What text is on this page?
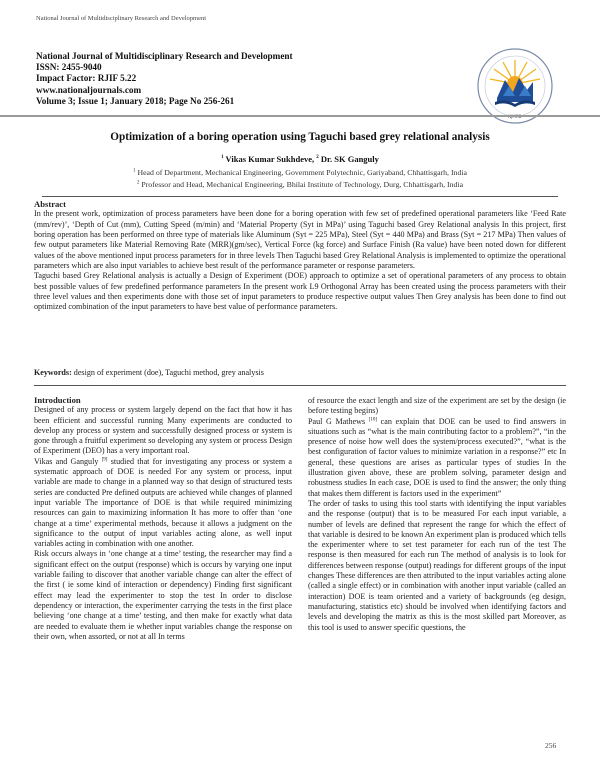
National Journal of Multidisciplinary Research and Development
National Journal of Multidisciplinary Research and Development
ISSN: 2455-9040
Impact Factor: RJIF 5.22
www.nationaljournals.com
Volume 3; Issue 1; January 2018; Page No 256-261
Optimization of a boring operation using Taguchi based grey relational analysis
$^1$ Vikas Kumar Sukhdeve, $^2$ Dr. SK Ganguly
$^1$ Head of Department, Mechanical Engineering, Government Polytechnic, Gariyaband, Chhattisgarh, India
$^2$ Professor and Head, Mechanical Engineering, Bhilai Institute of Technology, Durg, Chhattisgarh, India
Abstract

In the present work, optimization of process parameters have been done for a boring operation with few set of predefined operational parameters like ‘Feed Rate (mm/rev)’, ‘Depth of Cut (mm), Cutting Speed (m/min) and ‘Material Property (Syt in MPa)’ using Taguchi based Grey Relational analysis In this project, first boring operation has been performed on three type of materials like Aluminum (Syt = 225 MPa), Steel (Syt = 440 MPa) and Brass (Syt = 217 MPa) Then values of few output parameters like Material Removing Rate (MRR)(gm/sec), Vertical Force (kg force) and Surface Finish (Ra value) have been noted down for different values of the above mentioned input process parameters for in three levels Then Taguchi based Grey Relational Analysis is implemented to optimize the operational parameters which are also input variables to achieve best result of the performance parameter or response parameters.

Taguchi based Grey Relational analysis is actually a Design of Experiment (DOE) approach to optimize a set of operational parameters of any process to obtain best possible values of few predefined performance parameters In the present work L9 Orthogonal Array has been created using the process parameters with their three level values and then experiments done with those set of input parameters to produce respective output values Then Grey analysis has been done to find out optimized combination of the input parameters to have best value of performance parameters.

Keywords: design of experiment (doe), Taguchi method, grey analysis
Introduction

Designed of any process or system largely depend on the fact that how it has been efficient and successful running Many experiments are conducted to develop any process or system and successfully designed process or system is gone through a fruitful experiment so developing any system or process Design of Experiment (DEO) has a very important roal.

Vikas and Ganguly [9] studied that for investigating any process or system a systematic approach of DOE is needed For any system or process, input variable are made to change in a planned way so that design of structured tests series are conducted Pre defined outputs are achieved while changes of planned input variable The importance of DOE is that while required minimizing resources can gain to maximizing information It has more to offer than ‘one change at a time’ experimental methods, because it allows a judgment on the significance to the output of input variables acting alone, as well input variables acting in combination with one another.

Risk occurs always in ‘one change at a time’ testing, the researcher may find a significant effect on the output (response) which is occurs by varying one input variable failing to discover that another variable change can alter the effect of the first ( ie some kind of interaction or dependency) Finding first significant effect may lead the experimenter to stop the test In order to disclose dependency or interaction, the experimenter carrying the tests in the first place believing ‘one change at a time’ testing, and then make for exactly what data are needed to evaluate them ie whether input variables change the response on their own, when assorted, or not at all In terms

of resource the exact length and size of the experiment are set by the design (ie before testing begins)

Paul G Mathews [10] can explain that DOE can be used to find answers in situations such as “what is the main contributing factor to a problem?”, “in the presence of noise how well does the system/process executed?”, “what is the best configuration of factor values to minimize variation in a response?” etc In general, these questions are arises as particular types of studies In the illustration given above, these are problem solving, parameter design and robustness studies In each case, DOE is used to find the answer; the only thing that makes them different is factors used in the experiment”

The order of tasks to using this tool starts with identifying the input variables and the response (output) that is to be measured For each input variable, a number of levels are defined that represent the range for which the effect of that variable is desired to be known An experiment plan is produced which tells the experimenter where to set test parameter for each run of the test The response is then measured for each run The method of analysis is to look for differences between response (output) readings for different groups of the input changes These differences are then attributed to the input variables acting alone (called a single effect) or in combination with another input variable (called an interaction) DOE is team oriented and a variety of backgrounds (eg design, manufacturing, statistics etc) should be involved when identifying factors and levels and developing the matrix as this is the most skilled part Moreover, as this tool is used to answer specific questions, the

256
